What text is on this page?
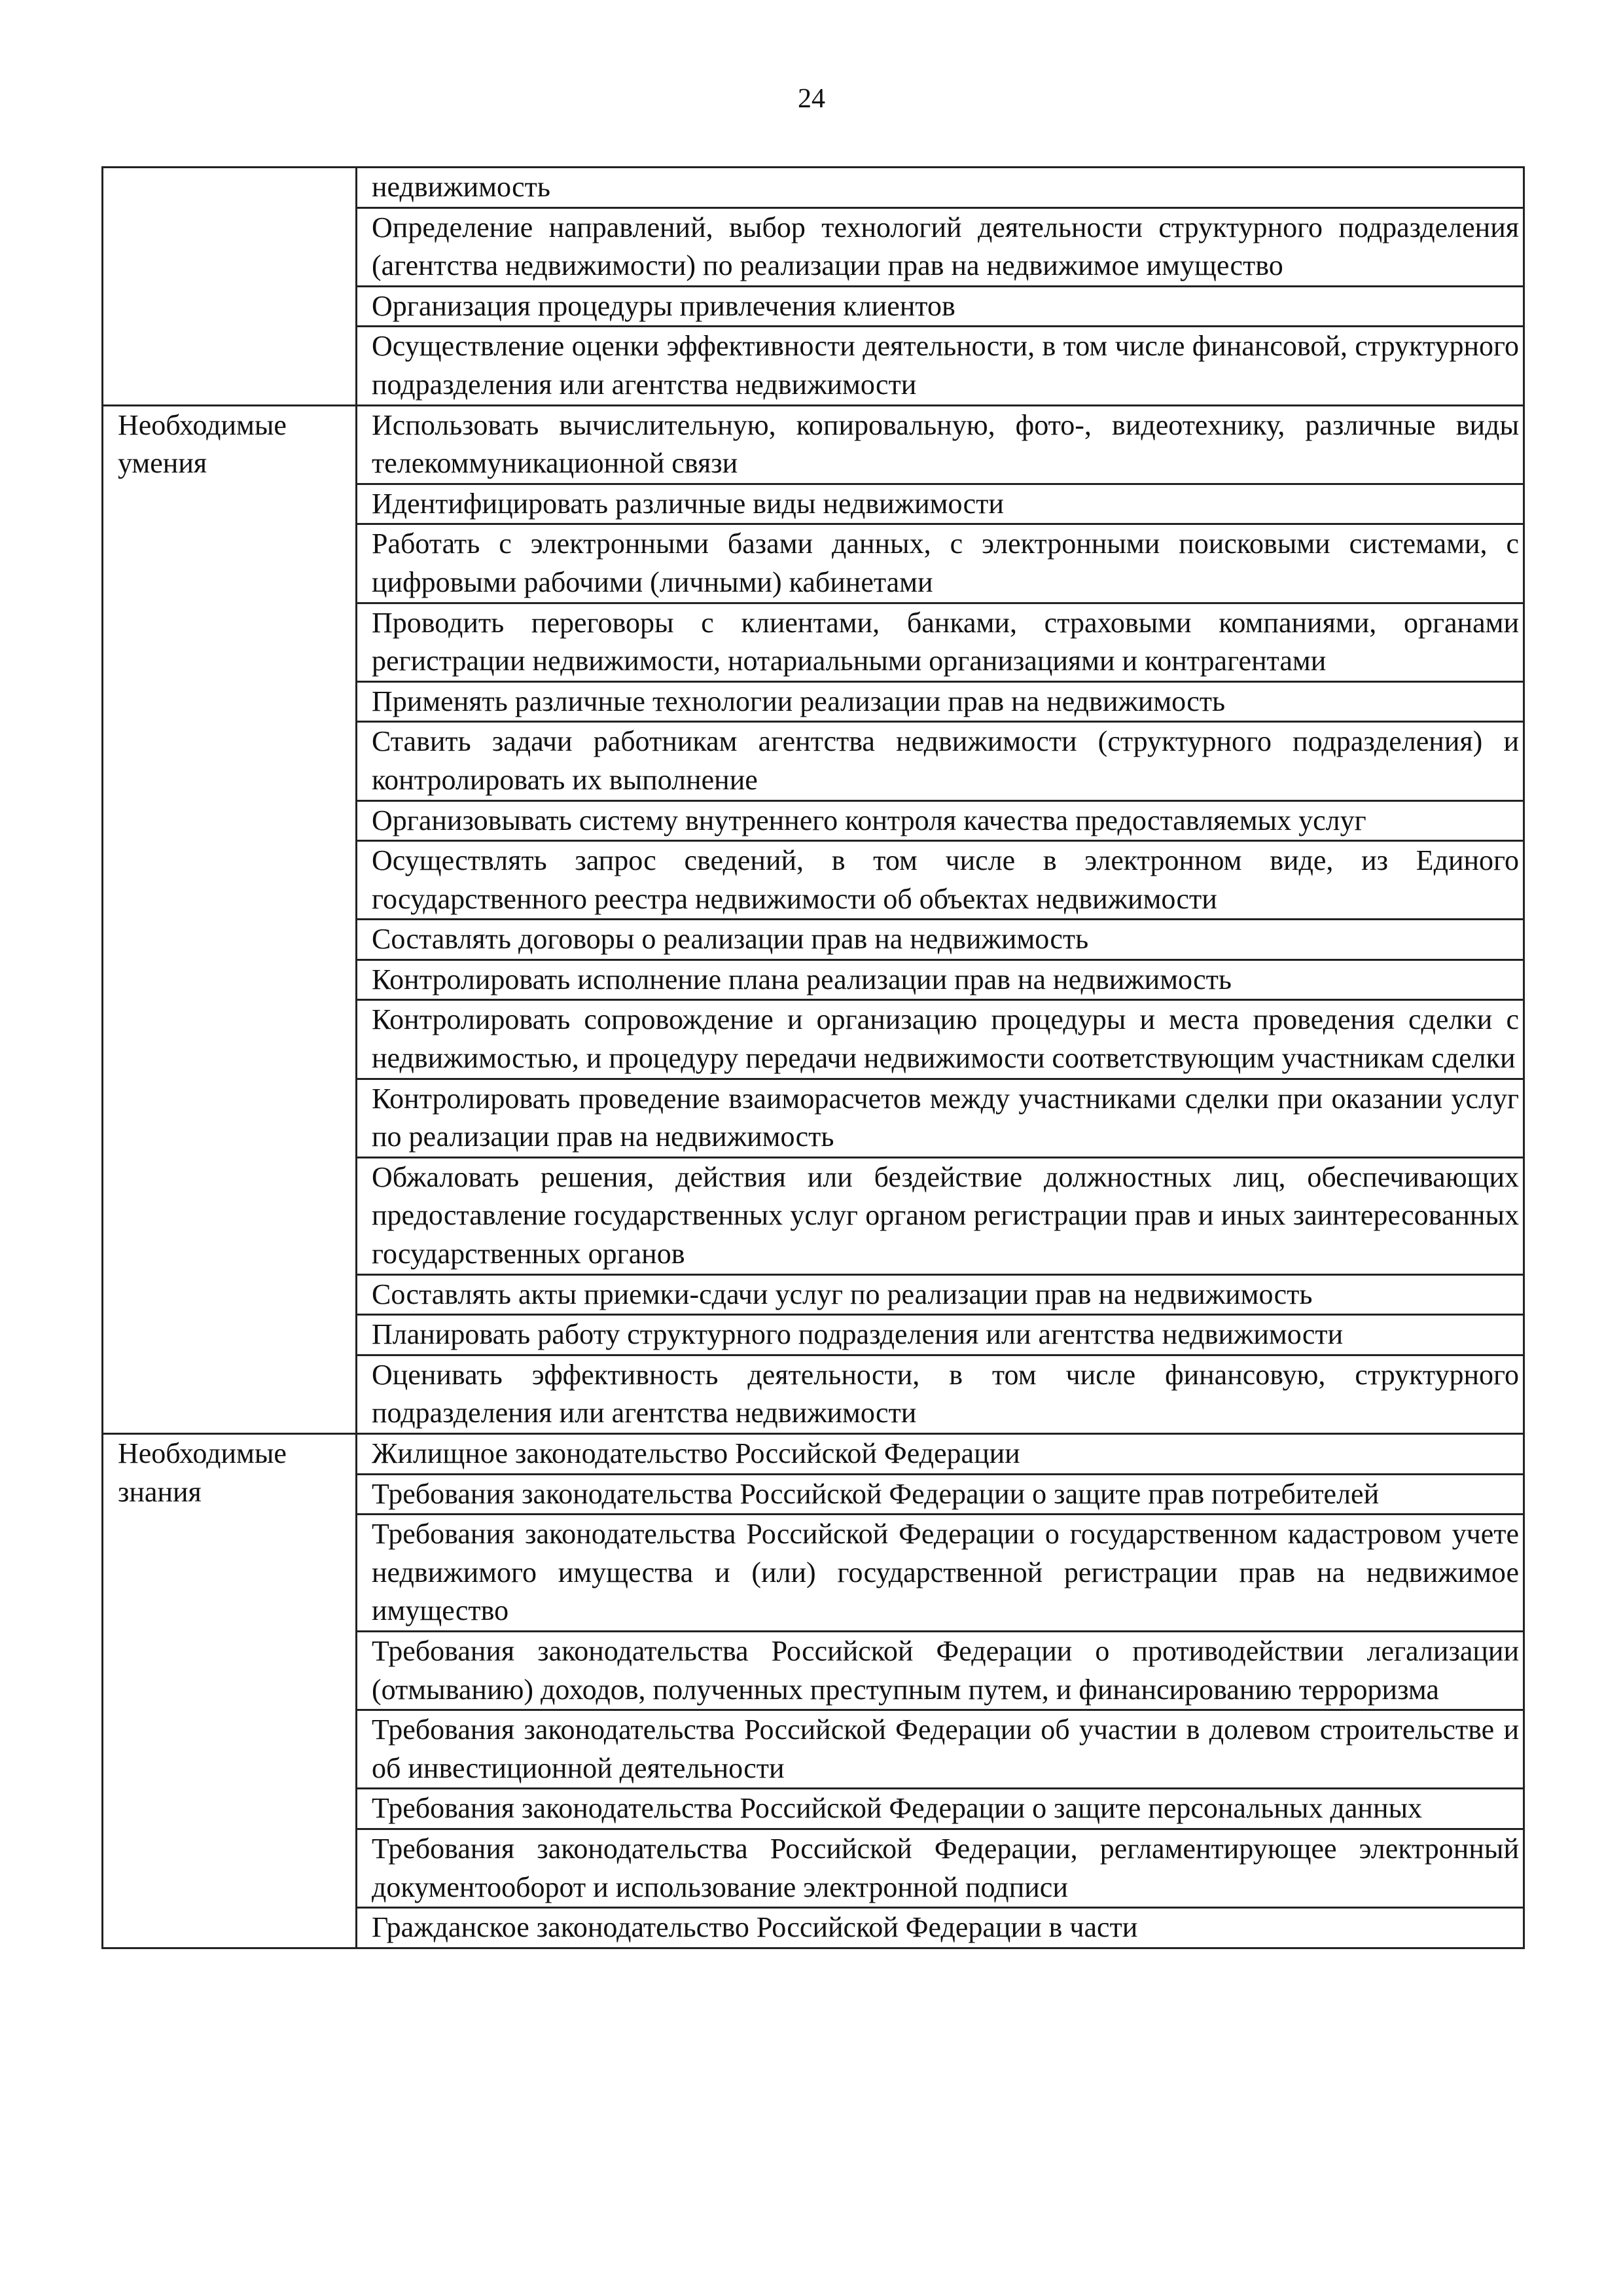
24
	недвижимость
	Определение направлений, выбор технологий деятельности структурного подразделения (агентства недвижимости) по реализации прав на недвижимое имущество
	Организация процедуры привлечения клиентов
	Осуществление оценки эффективности деятельности, в том числе финансовой, структурного подразделения или агентства недвижимости
Необходимые умения	Использовать вычислительную, копировальную, фото-, видеотехнику, различные виды телекоммуникационной связи
	Идентифицировать различные виды недвижимости
	Работать с электронными базами данных, с электронными поисковыми системами, с цифровыми рабочими (личными) кабинетами
	Проводить переговоры с клиентами, банками, страховыми компаниями, органами регистрации недвижимости, нотариальными организациями и контрагентами
	Применять различные технологии реализации прав на недвижимость
	Ставить задачи работникам агентства недвижимости (структурного подразделения) и контролировать их выполнение
	Организовывать систему внутреннего контроля качества предоставляемых услуг
	Осуществлять запрос сведений, в том числе в электронном виде, из Единого государственного реестра недвижимости об объектах недвижимости
	Составлять договоры о реализации прав на недвижимость
	Контролировать исполнение плана реализации прав на недвижимость
	Контролировать сопровождение и организацию процедуры и места проведения сделки с недвижимостью, и процедуру передачи недвижимости соответствующим участникам сделки
	Контролировать проведение взаиморасчетов между участниками сделки при оказании услуг по реализации прав на недвижимость
	Обжаловать решения, действия или бездействие должностных лиц, обеспечивающих предоставление государственных услуг органом регистрации прав и иных заинтересованных государственных органов
	Составлять акты приемки-сдачи услуг по реализации прав на недвижимость
	Планировать работу структурного подразделения или агентства недвижимости
	Оценивать эффективность деятельности, в том числе финансовую, структурного подразделения или агентства недвижимости
Необходимые знания	Жилищное законодательство Российской Федерации
	Требования законодательства Российской Федерации о защите прав потребителей
	Требования законодательства Российской Федерации о государственном кадастровом учете недвижимого имущества и (или) государственной регистрации прав на недвижимое имущество
	Требования законодательства Российской Федерации о противодействии легализации (отмыванию) доходов, полученных преступным путем, и финансированию терроризма
	Требования законодательства Российской Федерации об участии в долевом строительстве и об инвестиционной деятельности
	Требования законодательства Российской Федерации о защите персональных данных
	Требования законодательства Российской Федерации, регламентирующее электронный документооборот и использование электронной подписи
	Гражданское законодательство Российской Федерации в части
